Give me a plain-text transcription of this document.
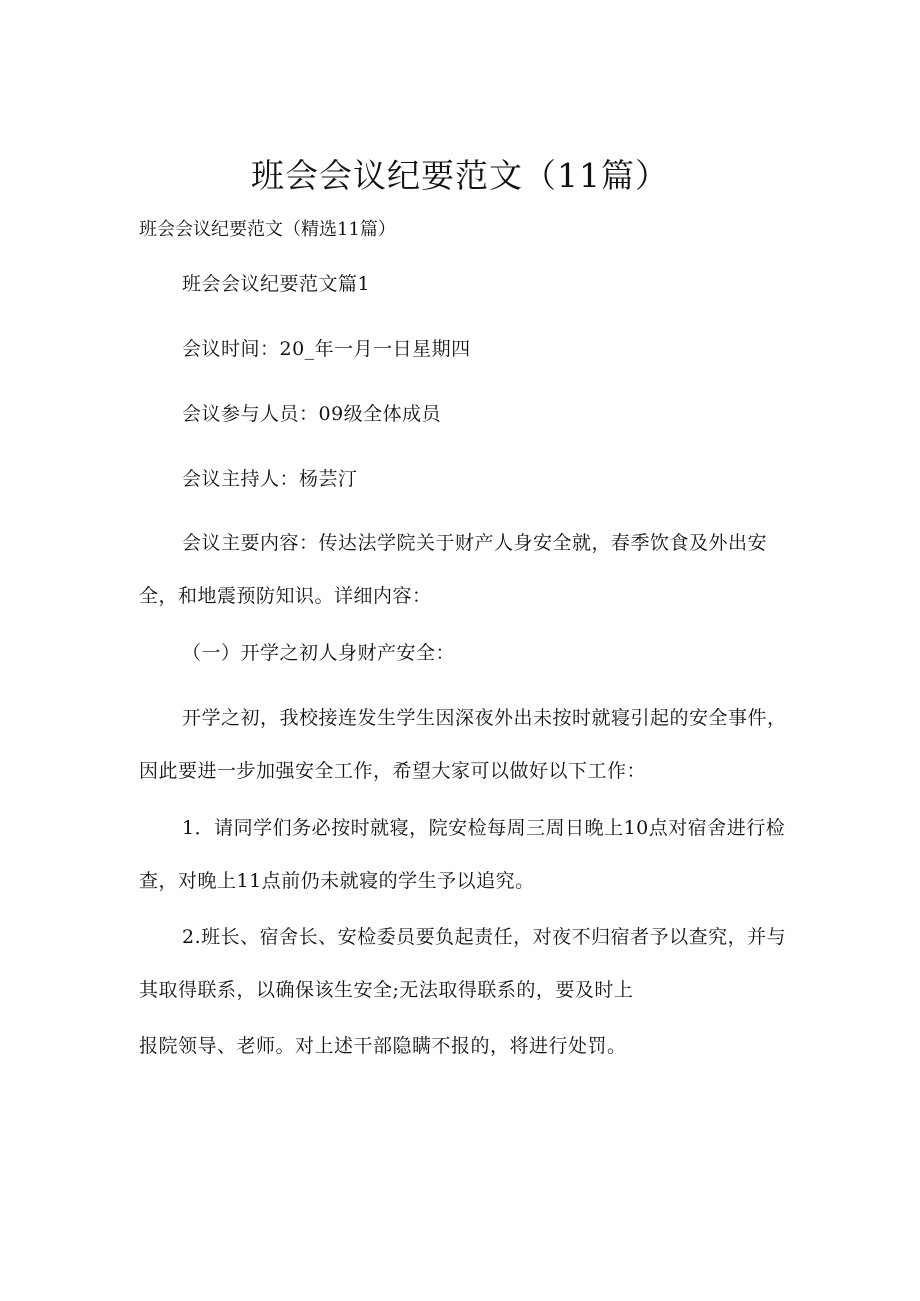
班会会议纪要范文（11篇）

班会会议纪要范文（精选11篇）

班会会议纪要范文篇1

会议时间：20_年一月一日星期四

会议参与人员：09级全体成员

会议主持人：杨芸汀

会议主要内容：传达法学院关于财产人身安全就，春季饮食及外出安全，和地震预防知识。详细内容：

（一）开学之初人身财产安全：

开学之初，我校接连发生学生因深夜外出未按时就寝引起的安全事件，因此要进一步加强安全工作，希望大家可以做好以下工作：

1．请同学们务必按时就寝，院安检每周三周日晚上10点对宿舍进行检查，对晚上11点前仍未就寝的学生予以追究。

2.班长、宿舍长、安检委员要负起责任，对夜不归宿者予以查究，并与其取得联系，以确保该生安全;无法取得联系的，要及时上

报院领导、老师。对上述干部隐瞒不报的，将进行处罚。
